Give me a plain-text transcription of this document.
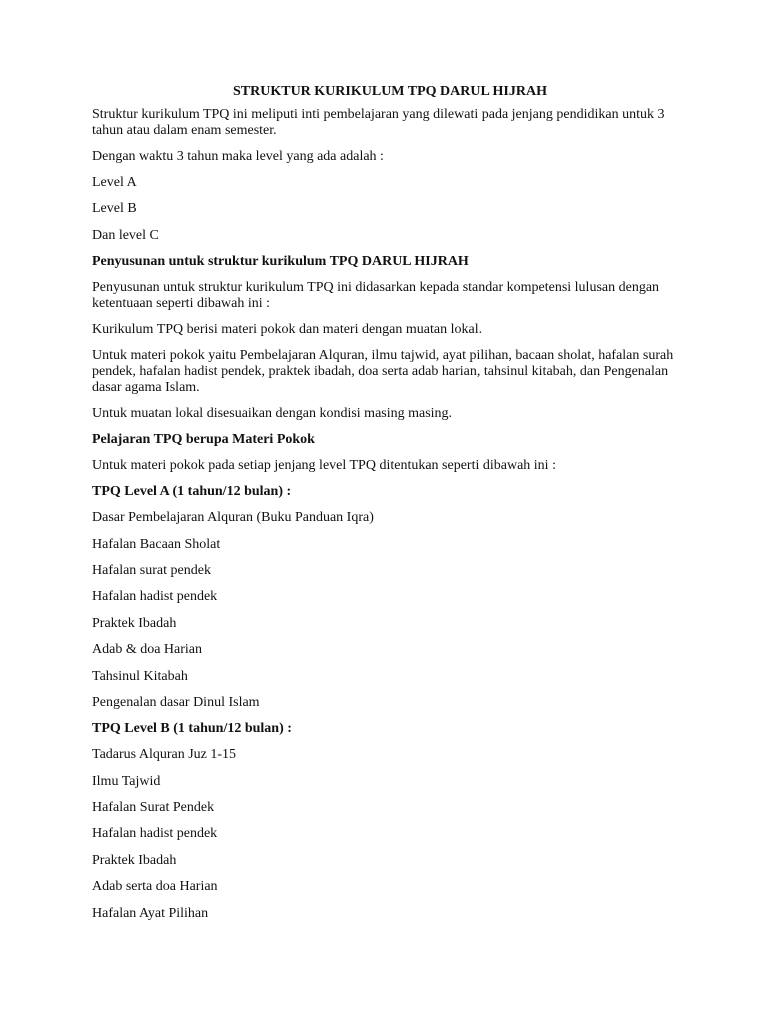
STRUKTUR KURIKULUM TPQ DARUL HIJRAH
Struktur kurikulum TPQ ini meliputi inti pembelajaran yang dilewati pada jenjang pendidikan untuk 3 tahun atau dalam enam semester.
Dengan waktu 3 tahun maka level yang ada adalah :
Level A
Level B
Dan level C
Penyusunan untuk struktur kurikulum TPQ DARUL HIJRAH
Penyusunan untuk struktur kurikulum TPQ ini didasarkan kepada standar kompetensi lulusan dengan ketentuaan seperti dibawah ini :
Kurikulum TPQ berisi materi pokok dan materi dengan muatan lokal.
Untuk materi pokok yaitu Pembelajaran Alquran, ilmu tajwid, ayat pilihan, bacaan sholat, hafalan surah pendek, hafalan hadist pendek, praktek ibadah, doa serta adab harian, tahsinul kitabah, dan Pengenalan dasar agama Islam.
Untuk muatan lokal disesuaikan dengan kondisi masing masing.
Pelajaran TPQ berupa Materi Pokok
Untuk materi pokok pada setiap jenjang level TPQ ditentukan seperti dibawah ini :
TPQ Level A (1 tahun/12 bulan) :
Dasar Pembelajaran Alquran (Buku Panduan Iqra)
Hafalan Bacaan Sholat
Hafalan surat pendek
Hafalan hadist pendek
Praktek Ibadah
Adab & doa Harian
Tahsinul Kitabah
Pengenalan dasar Dinul Islam
TPQ Level B (1 tahun/12 bulan) :
Tadarus Alquran Juz 1-15
Ilmu Tajwid
Hafalan Surat Pendek
Hafalan hadist pendek
Praktek Ibadah
Adab serta doa Harian
Hafalan Ayat Pilihan
